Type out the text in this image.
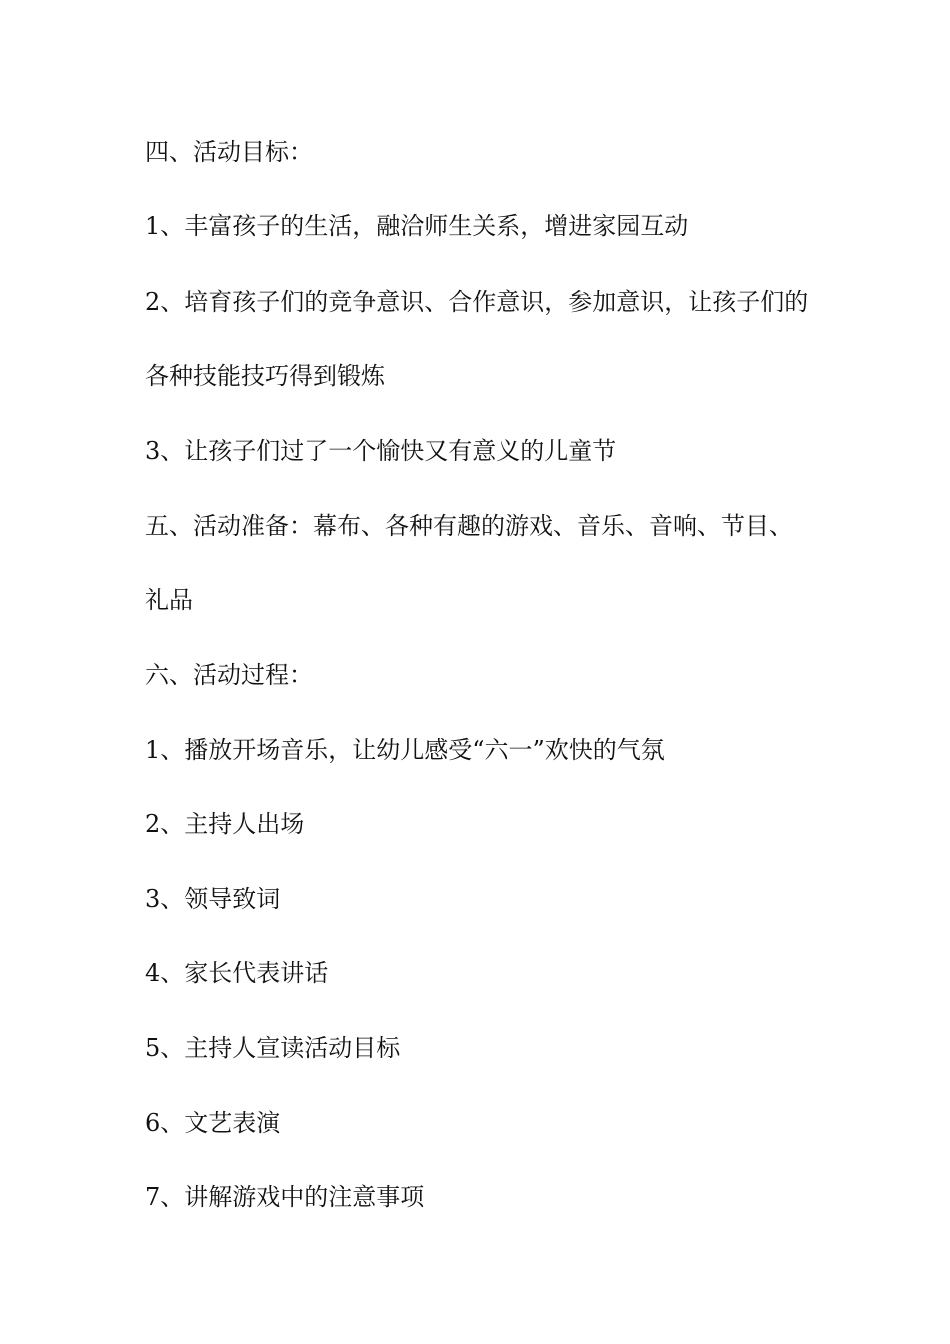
四、活动目标：

1、丰富孩子的生活，融洽师生关系，增进家园互动

2、培育孩子们的竞争意识、合作意识，参加意识，让孩子们的

各种技能技巧得到锻炼

3、让孩子们过了一个愉快又有意义的儿童节

五、活动准备：幕布、各种有趣的游戏、音乐、音响、节目、

礼品

六、活动过程：

1、播放开场音乐，让幼儿感受“六一”欢快的气氛

2、主持人出场

3、领导致词

4、家长代表讲话

5、主持人宣读活动目标

6、文艺表演

7、讲解游戏中的注意事项
